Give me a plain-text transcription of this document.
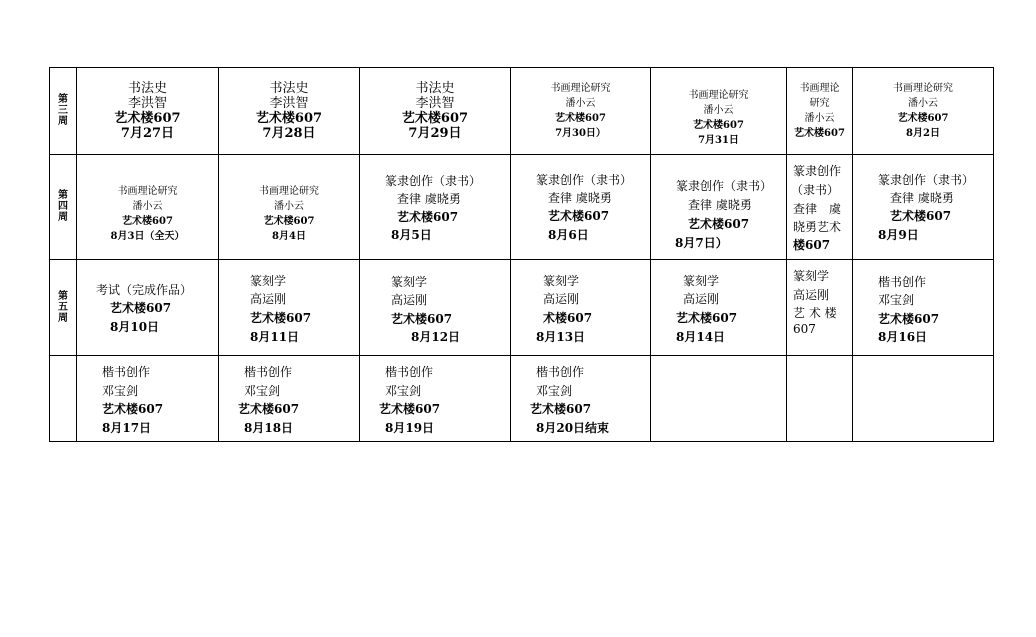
第三周	书法史
李洪智
艺术楼607
7月27日	书法史
李洪智
艺术楼607
7月28日	书法史
李洪智
艺术楼607
7月29日	书画理论研究
潘小云
艺术楼607
7月30日）	书画理论研究
潘小云
艺术楼607
7月31日	书画理论
研究
潘小云
艺术楼607	书画理论研究
潘小云
艺术楼607
8月2日

第四周	书画理论研究
潘小云
艺术楼607
8月3日（全天）	书画理论研究
潘小云
艺术楼607
8月4日	篆隶创作（隶书）
查律 虞晓勇
艺术楼607
8月5日	篆隶创作（隶书）
查律 虞晓勇
艺术楼607
8月6日	篆隶创作（隶书）
查律 虞晓勇
艺术楼607
8月7日）	篆隶创作
（隶书）
查律　虞
晓勇艺术
楼607	篆隶创作（隶书）
查律 虞晓勇
艺术楼607
8月9日

第五周	考试（完成作品）
艺术楼607
8月10日	篆刻学
高运刚
艺术楼607
8月11日	篆刻学
高运刚
艺术楼607
8月12日	篆刻学
高运刚
术楼607
8月13日	篆刻学
高运刚
艺术楼607
8月14日	篆刻学
高运刚
艺 术 楼
607	楷书创作
邓宝剑
艺术楼607
8月16日

	楷书创作
邓宝剑
艺术楼607
8月17日	楷书创作
邓宝剑
艺术楼607
8月18日	楷书创作
邓宝剑
艺术楼607
8月19日	楷书创作
邓宝剑
艺术楼607
8月20日结束			
